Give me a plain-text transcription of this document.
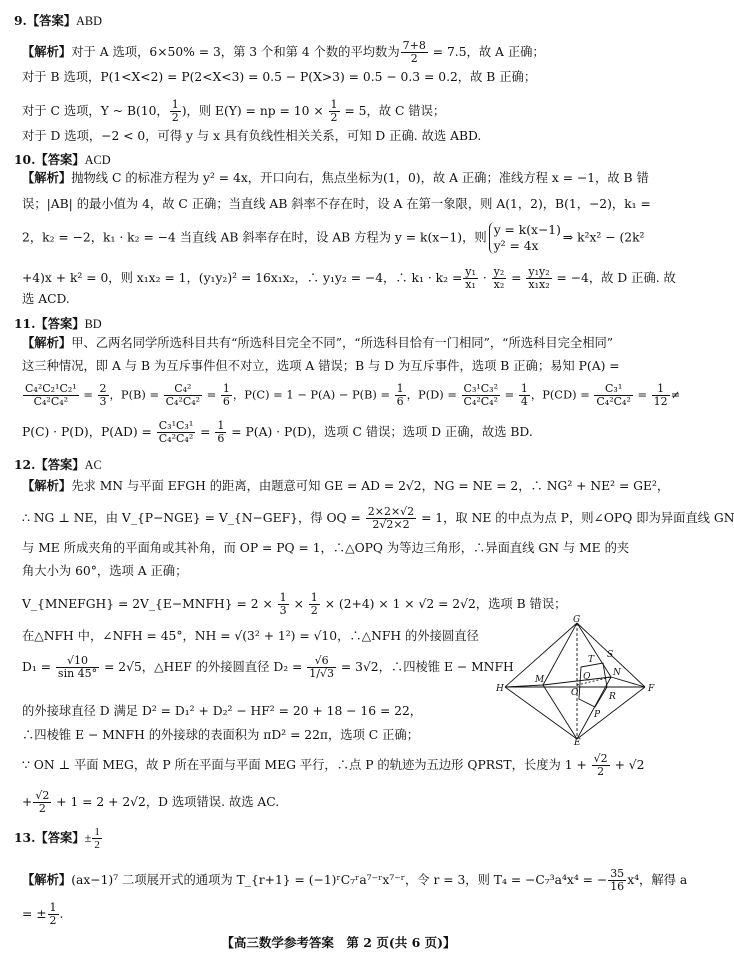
9.【答案】ABD
【解析】对于 A 选项，6×50% = 3，第 3 个和第 4 个数的平均数为 $\frac{7+8}{2} = 7.5$，故 A 正确；
对于 B 选项，P(1<X<2) = P(2<X<3) = 0.5 − P(X>3) = 0.5 − 0.3 = 0.2，故 B 正确；
对于 C 选项，Y ~ B(10， $\frac{1}{2}$ )，则 E(Y) = np = $10 \times \frac{1}{2} = 5$，故 C 错误；
对于 D 选项，−2 < 0，可得 y 与 x 具有负线性相关关系，可知 D 正确. 故选 ABD.
10.【答案】ACD
【解析】抛物线 C 的标准方程为 y² = 4x，开口向右，焦点坐标为(1，0)，故 A 正确；准线方程 x = −1，故 B 错
误；|AB| 的最小值为 4，故 C 正确；当直线 AB 斜率不存在时，设 A 在第一象限，则 A(1，2)，B(1，−2)，k₁ =
2，k₂ = −2，k₁ · k₂ = −4 当直线 AB 斜率存在时，设 AB 方程为 y = k(x−1)，则
y = k(x−1)
y² = 4x
⇒ k²x² − (2k²
+4)x + k² = 0，则 x₁x₂ = 1，(y₁y₂)² = 16x₁x₂，∴ y₁y₂ = −4，∴ $k_1 \cdot k_2 = \frac{\text{y₁}}{\text{x₁}} \cdot \frac{\text{y₂}}{\text{x₂}} = \frac{\text{y₁y₂}}{\text{x₁x₂}} = -4$，故 D 正确. 故
选 ACD.
11.【答案】BD
【解析】甲、乙两名同学所选科目共有“所选科目完全不同”，“所选科目恰有一门相同”，“所选科目完全相同”
这三种情况，即 A 与 B 为互斥事件但不对立，选项 A 错误；B 与 D 为互斥事件，选项 B 正确；易知 P(A) =
$\frac{\text{C₄²C₂¹C₂¹}}{\text{C₄²C₄²}} = \frac{2}{3}$ ，$P(B) = \frac{\text{C₄²}}{\text{C₄²C₄²}} = \frac{1}{6}$ ，$P(C) = 1 - P(A) - P(B) = \frac{1}{6}$ ，$P(D) = \frac{\text{C₃¹C₃²}}{\text{C₄²C₄²}} = \frac{1}{4}$ ，$P(CD) = \frac{\text{C₃¹}}{\text{C₄²C₄²}} = \frac{1}{12}$ ≠
P(C) · P(D)，$P(AD) = \frac{\text{C₃¹C₃¹}}{\text{C₄²C₄²}} = \frac{1}{6} = P(A) \cdot P(D)$，选项 C 错误；选项 D 正确，故选 BD.
12.【答案】AC
【解析】先求 MN 与平面 EFGH 的距离，由题意可知 GE = AD = 2√2，NG = NE = 2，∴ NG² + NE² = GE²，
∴ NG ⊥ NE，由 V_{P−NGE} = V_{N−GEF}，得 OQ = $\frac{2\times 2\times√2}{2√2\times 2} = 1$，取 NE 的中点为点 P，则∠OPQ 即为异面直线 GN
与 ME 所成夹角的平面角或其补角，而 OP = PQ = 1，∴△OPQ 为等边三角形，∴异面直线 GN 与 ME 的夹
角大小为 60°，选项 A 正确；
V_{MNEFGH} = 2V_{E−MNFH} = $2 \times \frac{1}{3} \times \frac{1}{2} \times (2+4) \times 1 \times √2 = 2√2$，选项 B 错误；
在△NFH 中，∠NFH = 45°，NH = √(3² + 1²) = √10，∴△NFH 的外接圆直径
$D_1 = \frac{√10}{\sin 45^\circ} = 2√5$，△HEF 的外接圆直径 $D_2 = \frac{√6}{1/√3} = 3√2$，∴四棱锥 E − MNFH
的外接球直径 D 满足 D² = D₁² + D₂² − HF² = 20 + 18 − 16 = 22，
∴四棱锥 E − MNFH 的外接球的表面积为 πD² = 22π，选项 C 正确；
∵ ON ⊥ 平面 MEG，故 P 所在平面与平面 MEG 平行，∴点 P 的轨迹为五边形 QPRST，长度为 $1 + \frac{√2}{2} + √2$
+ $\frac{√2}{2} + 1 = 2 + 2√2$，D 选项错误. 故选 AC.
G
S
T
M	Q	N
H	O	R
F
P
E
13.【答案】± $\frac{1}{2}$
【解析】(ax−1)⁷ 二项展开式的通项为 T_{r+1} = (−1)ʳC₇ʳa⁷⁻ʳx⁷⁻ʳ，令 r = 3，则 T₄ = −C₇³a⁴x⁴ = − $\frac{35}{16} x^4$，解得 a
= ± $\frac{1}{2}$ .
【高三数学参考答案　第 2 页(共 6 页)】
